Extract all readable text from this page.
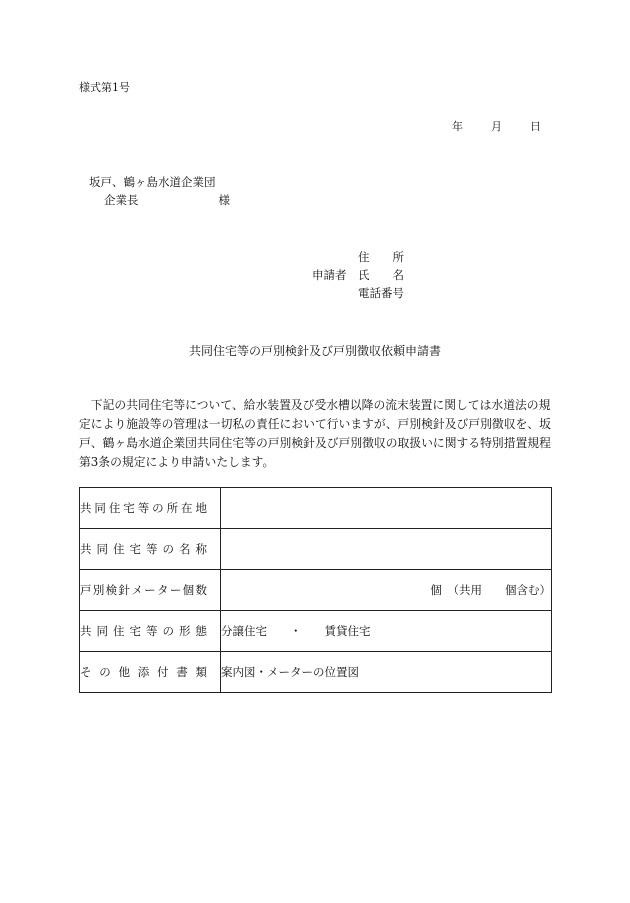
様式第1号
年	月	日
坂戸、鶴ヶ島水道企業団
企業長	様
申請者
住　　所
氏　　名
電話番号
共同住宅等の戸別検針及び戸別徴収依頼申請書
下記の共同住宅等について、給水装置及び受水槽以降の流末装置に関しては水道法の規定により施設等の管理は一切私の責任において行いますが、戸別検針及び戸別徴収を、坂戸、鶴ヶ島水道企業団共同住宅等の戸別検針及び戸別徴収の取扱いに関する特別措置規程第3条の規定により申請いたします。
共同住宅等の所在地	

共同住宅等の名称	

戸別検針メーター個数	個　（共用　　個含む）

共同住宅等の形態	分譲住宅　　・　　賃貸住宅

その他添付書類	案内図・メーターの位置図
